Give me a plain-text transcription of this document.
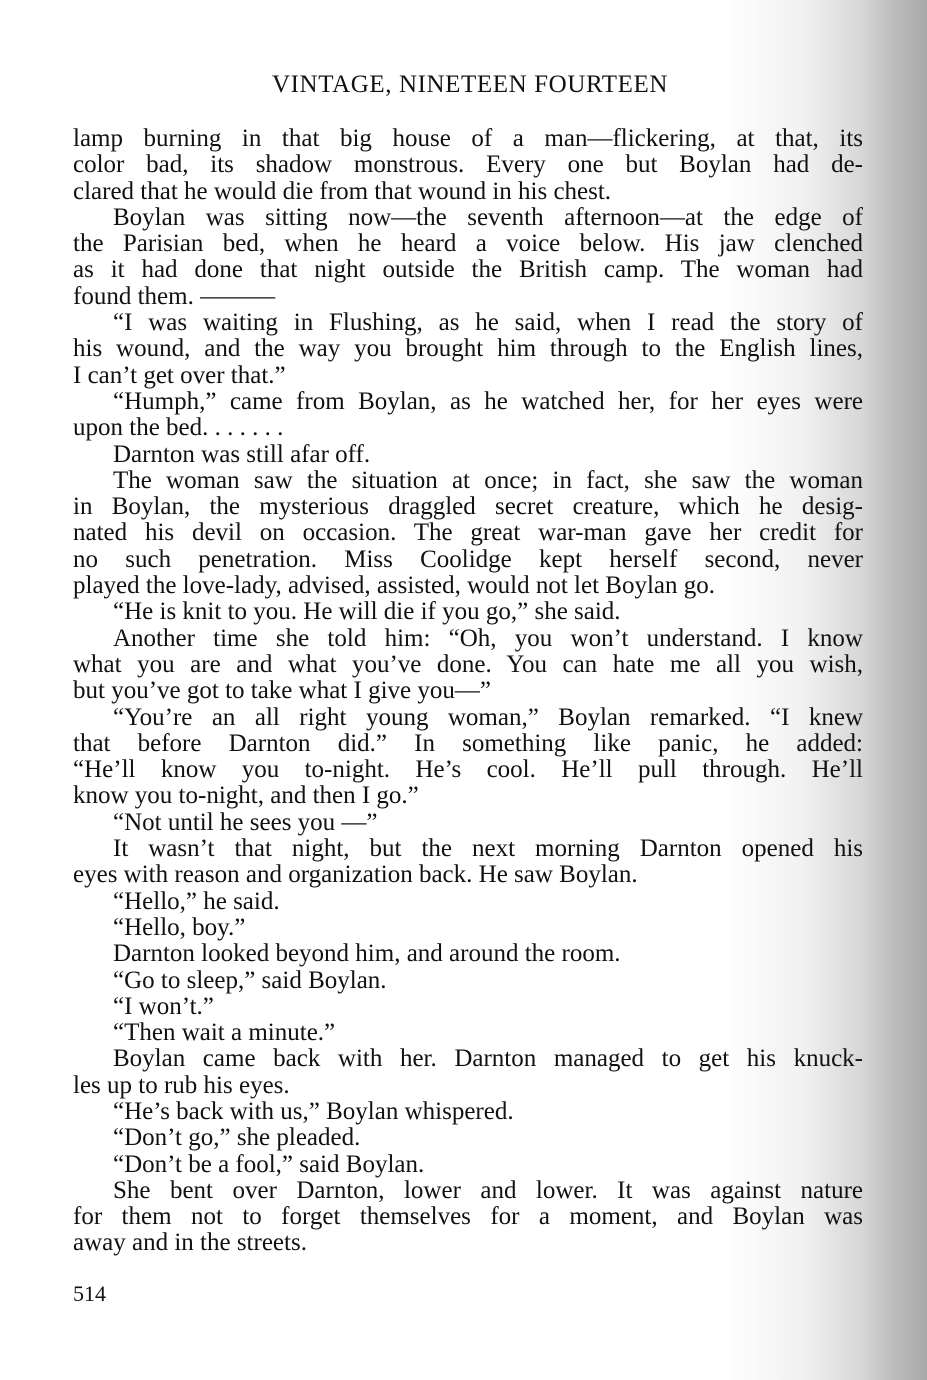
VINTAGE, NINETEEN FOURTEEN
lamp burning in that big house of a man—flickering, at that, its
color bad, its shadow monstrous. Every one but Boylan had de-
clared that he would die from that wound in his chest.
Boylan was sitting now—the seventh afternoon—at the edge of
the Parisian bed, when he heard a voice below. His jaw clenched
as it had done that night outside the British camp. The woman had
found them. ———
“I was waiting in Flushing, as he said, when I read the story of
his wound, and the way you brought him through to the English lines,
I can’t get over that.”
“Humph,” came from Boylan, as he watched her, for her eyes were
upon the bed. . . . . . .
Darnton was still afar off.
The woman saw the situation at once; in fact, she saw the woman
in Boylan, the mysterious draggled secret creature, which he desig-
nated his devil on occasion. The great war-man gave her credit for
no such penetration. Miss Coolidge kept herself second, never
played the love-lady, advised, assisted, would not let Boylan go.
“He is knit to you. He will die if you go,” she said.
Another time she told him: “Oh, you won’t understand. I know
what you are and what you’ve done. You can hate me all you wish,
but you’ve got to take what I give you—”
“You’re an all right young woman,” Boylan remarked. “I knew
that before Darnton did.” In something like panic, he added:
“He’ll know you to-night. He’s cool. He’ll pull through. He’ll
know you to-night, and then I go.”
“Not until he sees you —”
It wasn’t that night, but the next morning Darnton opened his
eyes with reason and organization back. He saw Boylan.
“Hello,” he said.
“Hello, boy.”
Darnton looked beyond him, and around the room.
“Go to sleep,” said Boylan.
“I won’t.”
“Then wait a minute.”
Boylan came back with her. Darnton managed to get his knuck-
les up to rub his eyes.
“He’s back with us,” Boylan whispered.
“Don’t go,” she pleaded.
“Don’t be a fool,” said Boylan.
She bent over Darnton, lower and lower. It was against nature
for them not to forget themselves for a moment, and Boylan was
away and in the streets.
514
